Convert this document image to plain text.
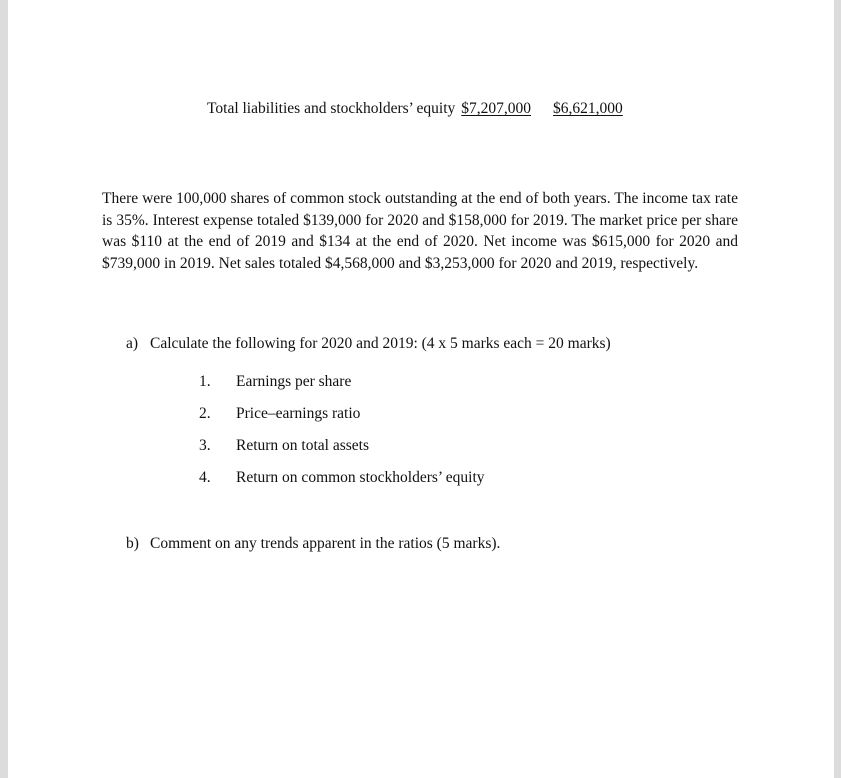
Total liabilities and stockholders’ equity $7,207,000 $6,621,000

There were 100,000 shares of common stock outstanding at the end of both years. The income tax rate is 35%. Interest expense totaled $139,000 for 2020 and $158,000 for 2019. The market price per share was $110 at the end of 2019 and $134 at the end of 2020. Net income was $615,000 for 2020 and $739,000 in 2019. Net sales totaled $4,568,000 and $3,253,000 for 2020 and 2019, respectively.

a) Calculate the following for 2020 and 2019: (4 x 5 marks each = 20 marks)
1. Earnings per share
2. Price–earnings ratio
3. Return on total assets
4. Return on common stockholders’ equity
b) Comment on any trends apparent in the ratios (5 marks).
